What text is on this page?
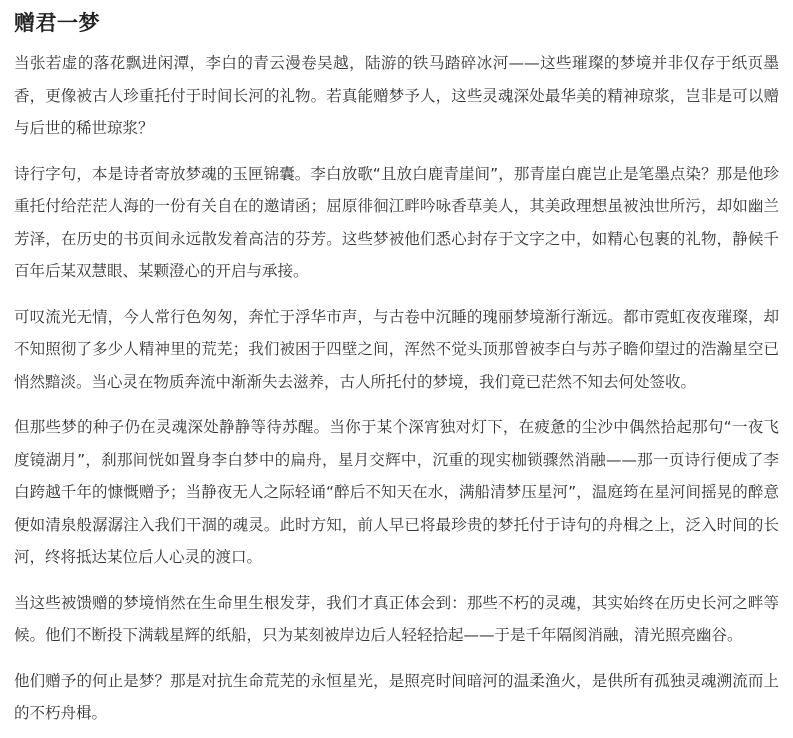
赠君一梦

当张若虚的落花飘进闲潭，李白的青云漫卷吴越，陆游的铁马踏碎冰河——这些璀璨的梦境并非仅存于纸页墨香，更像被古人珍重托付于时间长河的礼物。若真能赠梦予人，这些灵魂深处最华美的精神琼浆，岂非是可以赠与后世的稀世琼浆？

诗行字句，本是诗者寄放梦魂的玉匣锦囊。李白放歌“且放白鹿青崖间”，那青崖白鹿岂止是笔墨点染？那是他珍重托付给茫茫人海的一份有关自在的邀请函；屈原徘徊江畔吟咏香草美人，其美政理想虽被浊世所污，却如幽兰芳泽，在历史的书页间永远散发着高洁的芬芳。这些梦被他们悉心封存于文字之中，如精心包裹的礼物，静候千百年后某双慧眼、某颗澄心的开启与承接。

可叹流光无情，今人常行色匆匆，奔忙于浮华市声，与古卷中沉睡的瑰丽梦境渐行渐远。都市霓虹夜夜璀璨，却不知照彻了多少人精神里的荒芜；我们被困于四壁之间，浑然不觉头顶那曾被李白与苏子瞻仰望过的浩瀚星空已悄然黯淡。当心灵在物质奔流中渐渐失去滋养，古人所托付的梦境，我们竟已茫然不知去何处签收。

但那些梦的种子仍在灵魂深处静静等待苏醒。当你于某个深宵独对灯下，在疲惫的尘沙中偶然拾起那句“一夜飞度镜湖月”，刹那间恍如置身李白梦中的扁舟，星月交辉中，沉重的现实枷锁骤然消融——那一页诗行便成了李白跨越千年的慷慨赠予；当静夜无人之际轻诵“醉后不知天在水，满船清梦压星河”，温庭筠在星河间摇晃的醉意便如清泉般潺潺注入我们干涸的魂灵。此时方知，前人早已将最珍贵的梦托付于诗句的舟楫之上，泛入时间的长河，终将抵达某位后人心灵的渡口。

当这些被馈赠的梦境悄然在生命里生根发芽，我们才真正体会到：那些不朽的灵魂，其实始终在历史长河之畔等候。他们不断投下满载星辉的纸船，只为某刻被岸边后人轻轻拾起——于是千年隔阂消融，清光照亮幽谷。

他们赠予的何止是梦？那是对抗生命荒芜的永恒星光，是照亮时间暗河的温柔渔火，是供所有孤独灵魂溯流而上的不朽舟楫。
